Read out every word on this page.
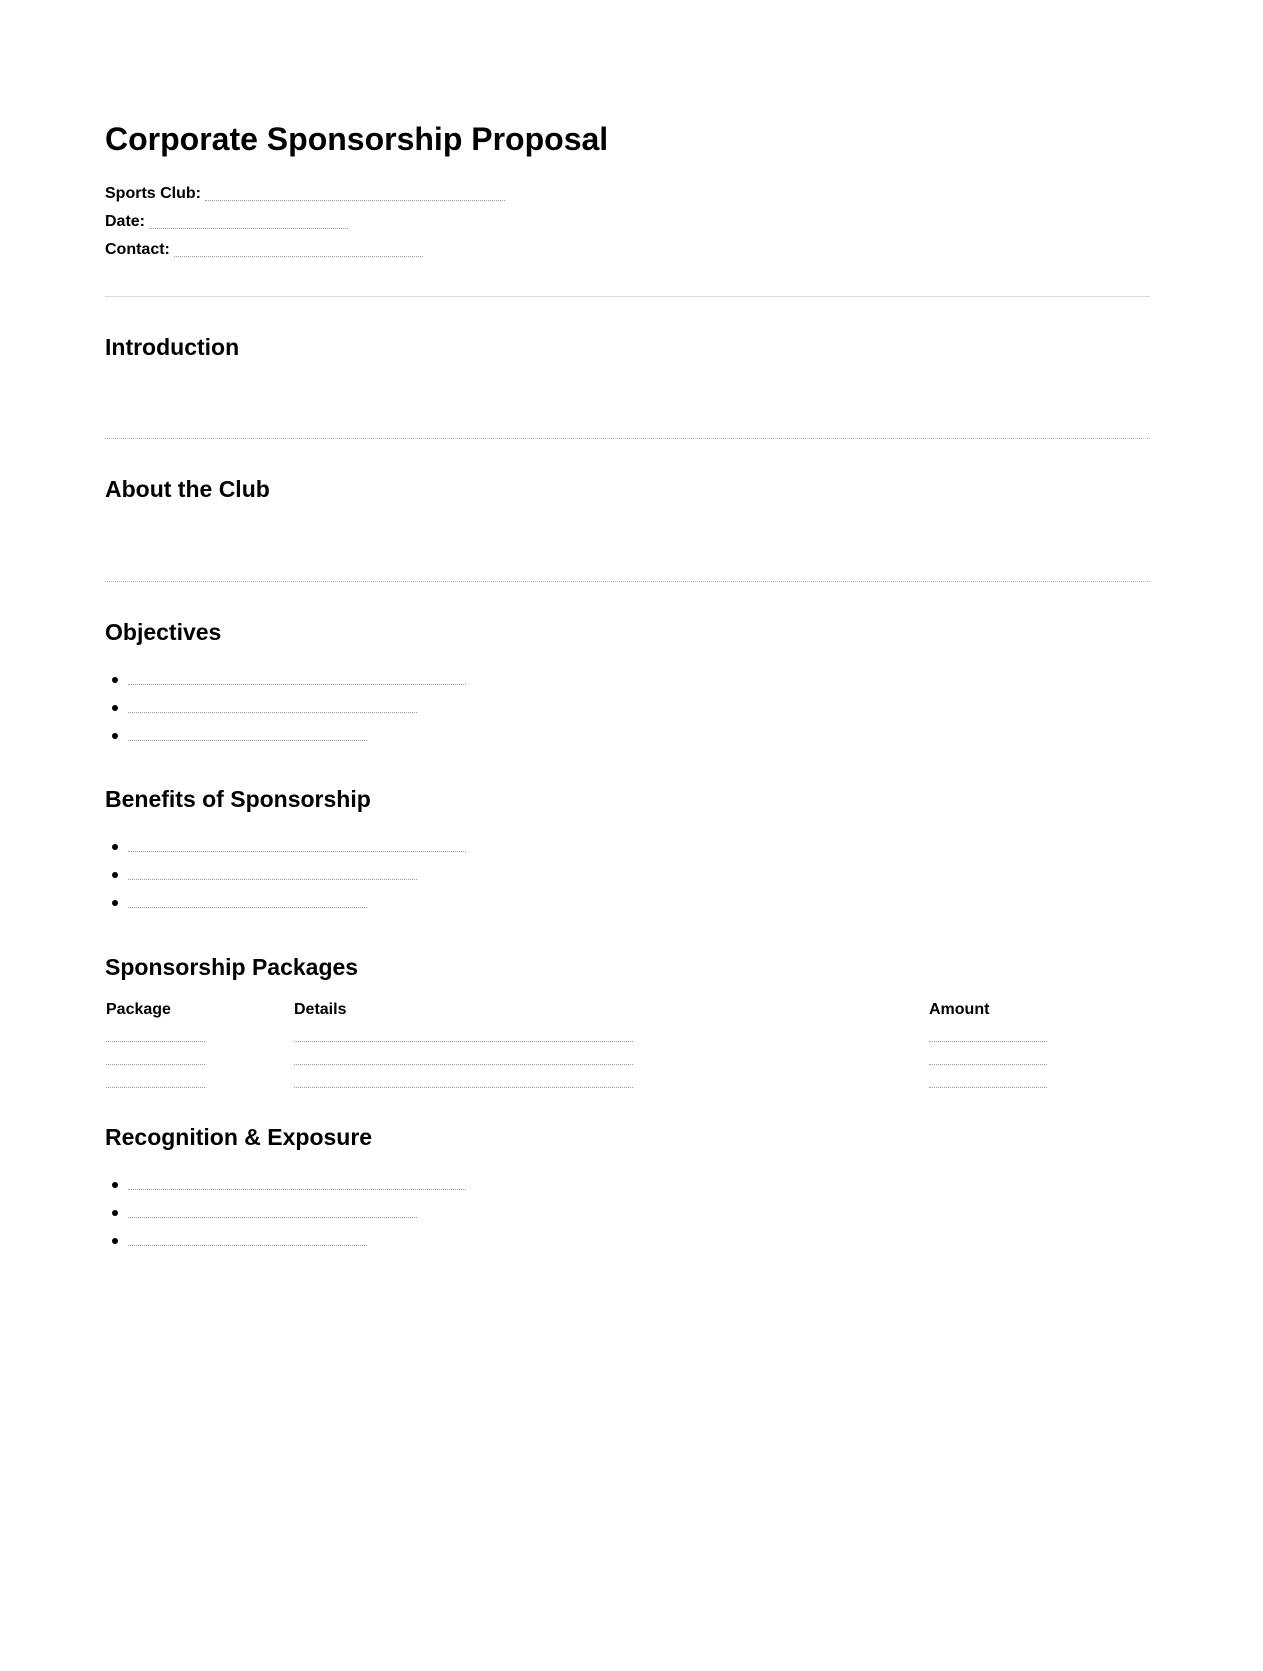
Corporate Sponsorship Proposal
Sports Club:
Date:
Contact:
Introduction
About the Club
Objectives
Benefits of Sponsorship
Sponsorship Packages
Package	Details	Amount
Recognition & Exposure
